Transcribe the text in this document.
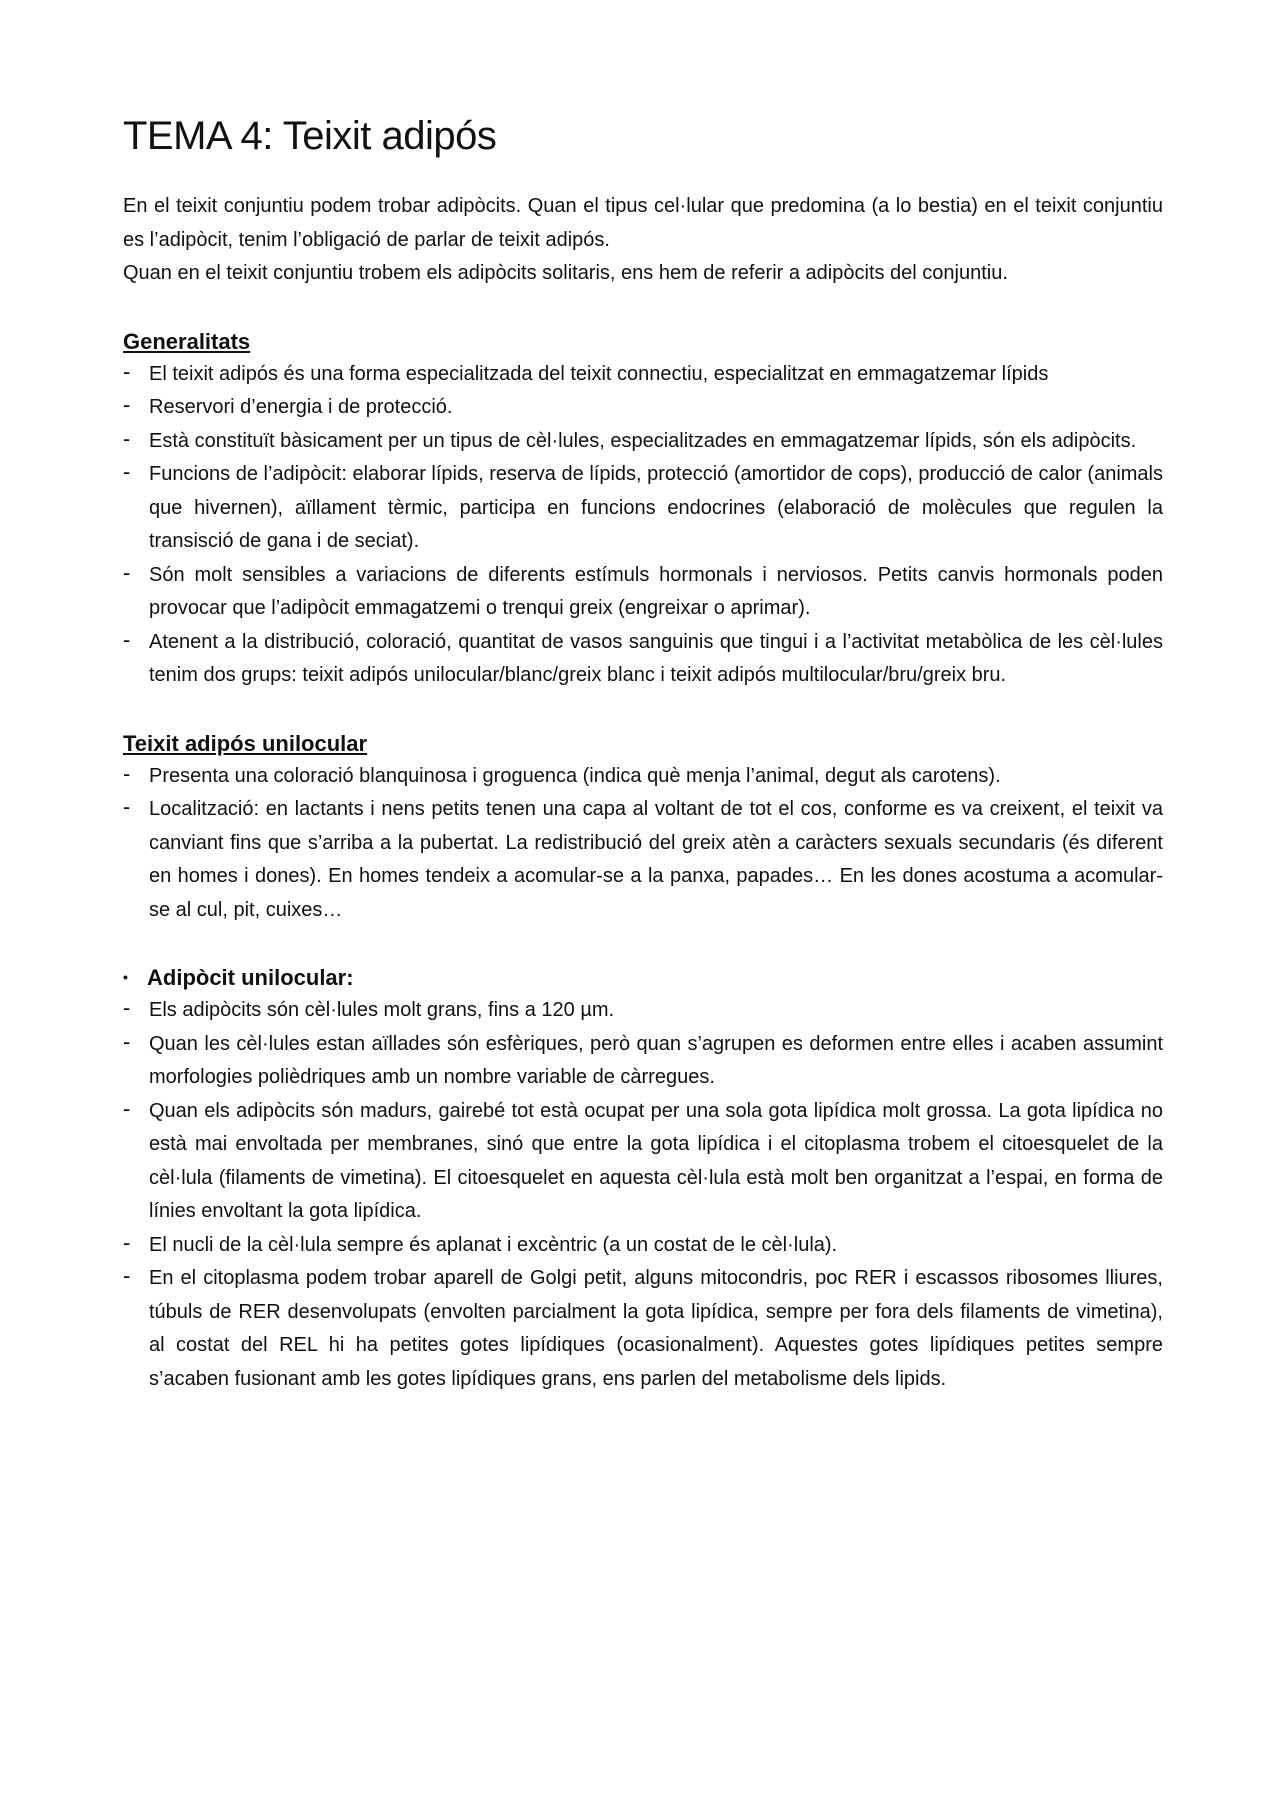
TEMA 4: Teixit adipós

En el teixit conjuntiu podem trobar adipòcits. Quan el tipus cel·lular que predomina (a lo bestia) en el teixit conjuntiu es l’adipòcit, tenim l’obligació de parlar de teixit adipós.

Quan en el teixit conjuntiu trobem els adipòcits solitaris, ens hem de referir a adipòcits del conjuntiu.

Generalitats
- El teixit adipós és una forma especialitzada del teixit connectiu, especialitzat en emmagatzemar lípids
- Reservori d’energia i de protecció.
- Està constituït bàsicament per un tipus de cèl·lules, especialitzades en emmagatzemar lípids, són els adipòcits.
- Funcions de l’adipòcit: elaborar lípids, reserva de lípids, protecció (amortidor de cops), producció de calor (animals que hivernen), aïllament tèrmic, participa en funcions endocrines (elaboració de molècules que regulen la transisció de gana i de seciat).
- Són molt sensibles a variacions de diferents estímuls hormonals i nerviosos. Petits canvis hormonals poden provocar que l’adipòcit emmagatzemi o trenqui greix (engreixar o aprimar).
- Atenent a la distribució, coloració, quantitat de vasos sanguinis que tingui i a l’activitat metabòlica de les cèl·lules tenim dos grups: teixit adipós unilocular/blanc/greix blanc i teixit adipós multilocular/bru/greix bru.
Teixit adipós unilocular
- Presenta una coloració blanquinosa i groguenca (indica què menja l’animal, degut als carotens).
- Localització: en lactants i nens petits tenen una capa al voltant de tot el cos, conforme es va creixent, el teixit va canviant fins que s’arriba a la pubertat. La redistribució del greix atèn a caràcters sexuals secundaris (és diferent en homes i dones). En homes tendeix a acomular-se a la panxa, papades… En les dones acostuma a acomular-se al cul, pit, cuixes…
• Adipòcit unilocular:
- Els adipòcits són cèl·lules molt grans, fins a 120 µm.
- Quan les cèl·lules estan aïllades són esfèriques, però quan s’agrupen es deformen entre elles i acaben assumint morfologies polièdriques amb un nombre variable de càrregues.
- Quan els adipòcits són madurs, gairebé tot està ocupat per una sola gota lipídica molt grossa. La gota lipídica no està mai envoltada per membranes, sinó que entre la gota lipídica i el citoplasma trobem el citoesquelet de la cèl·lula (filaments de vimetina). El citoesquelet en aquesta cèl·lula està molt ben organitzat a l’espai, en forma de línies envoltant la gota lipídica.
- El nucli de la cèl·lula sempre és aplanat i excèntric (a un costat de le cèl·lula).
- En el citoplasma podem trobar aparell de Golgi petit, alguns mitocondris, poc RER i escassos ribosomes lliures, túbuls de RER desenvolupats (envolten parcialment la gota lipídica, sempre per fora dels filaments de vimetina), al costat del REL hi ha petites gotes lipídiques (ocasionalment). Aquestes gotes lipídiques petites sempre s’acaben fusionant amb les gotes lipídiques grans, ens parlen del metabolisme dels lipids.
